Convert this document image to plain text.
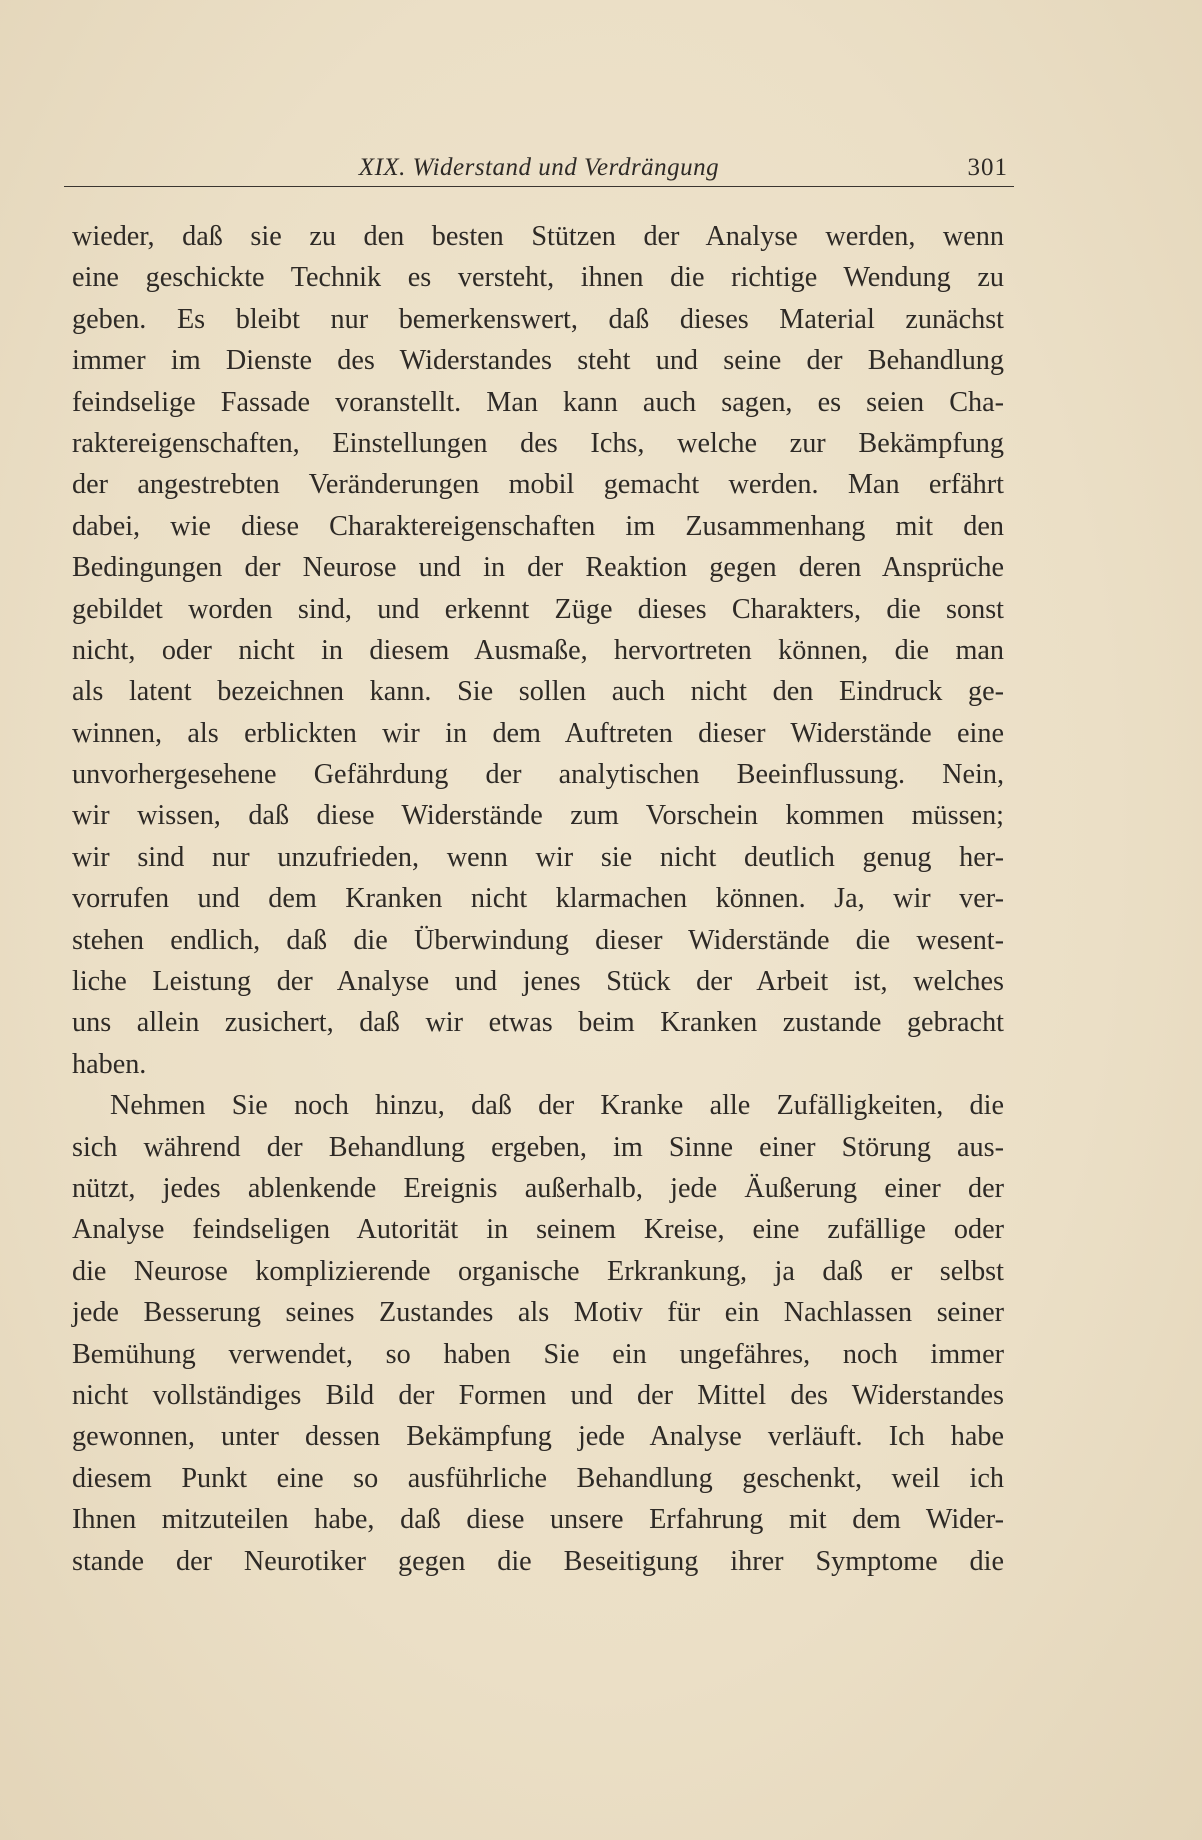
XIX. Widerstand und Verdrängung	301
wieder, daß sie zu den besten Stützen der Analyse werden, wenn
eine geschickte Technik es versteht, ihnen die richtige Wendung zu
geben. Es bleibt nur bemerkenswert, daß dieses Material zunächst
immer im Dienste des Widerstandes steht und seine der Behandlung
feindselige Fassade voranstellt. Man kann auch sagen, es seien Cha-
raktereigenschaften, Einstellungen des Ichs, welche zur Bekämpfung
der angestrebten Veränderungen mobil gemacht werden. Man erfährt
dabei, wie diese Charaktereigenschaften im Zusammenhang mit den
Bedingungen der Neurose und in der Reaktion gegen deren Ansprüche
gebildet worden sind, und erkennt Züge dieses Charakters, die sonst
nicht, oder nicht in diesem Ausmaße, hervortreten können, die man
als latent bezeichnen kann. Sie sollen auch nicht den Eindruck ge-
winnen, als erblickten wir in dem Auftreten dieser Widerstände eine
unvorhergesehene Gefährdung der analytischen Beeinflussung. Nein,
wir wissen, daß diese Widerstände zum Vorschein kommen müssen;
wir sind nur unzufrieden, wenn wir sie nicht deutlich genug her-
vorrufen und dem Kranken nicht klarmachen können. Ja, wir ver-
stehen endlich, daß die Überwindung dieser Widerstände die wesent-
liche Leistung der Analyse und jenes Stück der Arbeit ist, welches
uns allein zusichert, daß wir etwas beim Kranken zustande gebracht
haben.
Nehmen Sie noch hinzu, daß der Kranke alle Zufälligkeiten, die
sich während der Behandlung ergeben, im Sinne einer Störung aus-
nützt, jedes ablenkende Ereignis außerhalb, jede Äußerung einer der
Analyse feindseligen Autorität in seinem Kreise, eine zufällige oder
die Neurose komplizierende organische Erkrankung, ja daß er selbst
jede Besserung seines Zustandes als Motiv für ein Nachlassen seiner
Bemühung verwendet, so haben Sie ein ungefähres, noch immer
nicht vollständiges Bild der Formen und der Mittel des Widerstandes
gewonnen, unter dessen Bekämpfung jede Analyse verläuft. Ich habe
diesem Punkt eine so ausführliche Behandlung geschenkt, weil ich
Ihnen mitzuteilen habe, daß diese unsere Erfahrung mit dem Wider-
stande der Neurotiker gegen die Beseitigung ihrer Symptome die
